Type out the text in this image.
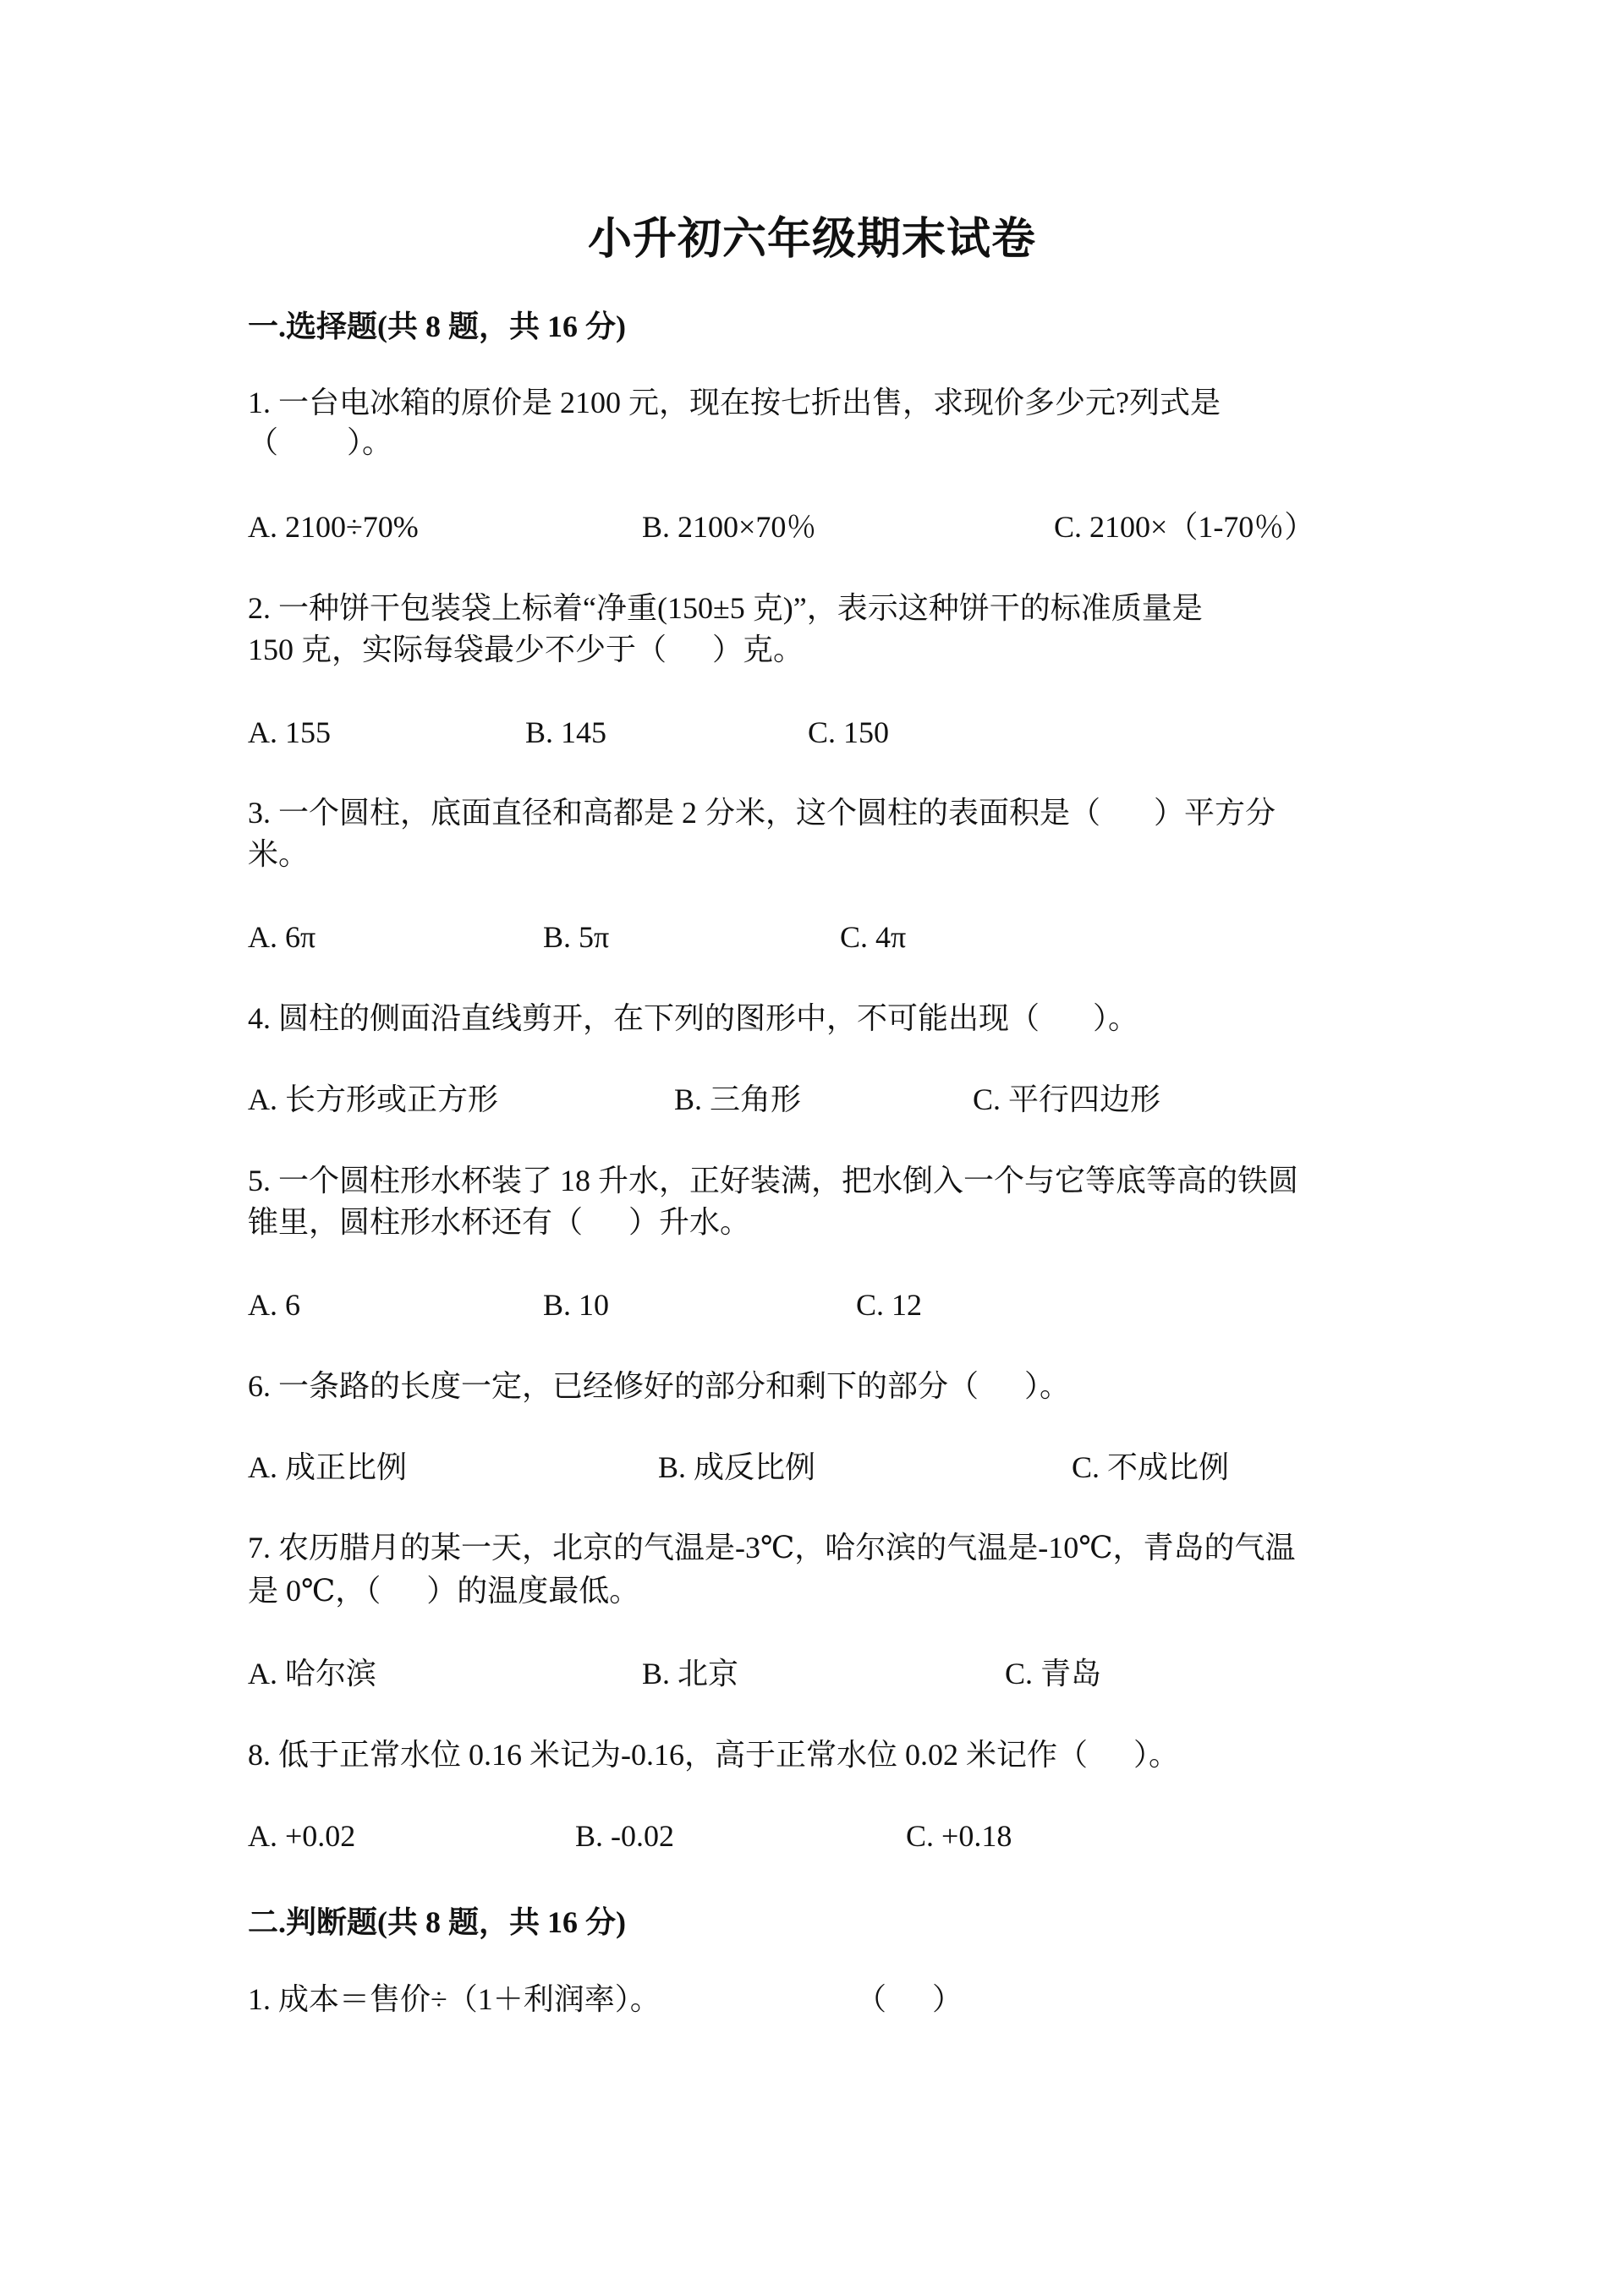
小升初六年级期末试卷
一.选择题(共 8 题，共 16 分)
1. 一台电冰箱的原价是 2100 元，现在按七折出售，求现价多少元?列式是
（         ）。
A. 2100÷70%	B. 2100×70％	C. 2100×（1-70％）
2. 一种饼干包装袋上标着“净重(150±5 克)”，表示这种饼干的标准质量是
150 克，实际每袋最少不少于（      ）克。
A. 155	B. 145	C. 150
3. 一个圆柱，底面直径和高都是 2 分米，这个圆柱的表面积是（       ）平方分
米。
A. 6π	B. 5π	C. 4π
4. 圆柱的侧面沿直线剪开，在下列的图形中，不可能出现（       ）。
A. 长方形或正方形	B. 三角形	C. 平行四边形
5. 一个圆柱形水杯装了 18 升水，正好装满，把水倒入一个与它等底等高的铁圆
锥里，圆柱形水杯还有（      ）升水。
A. 6	B. 10	C. 12
6. 一条路的长度一定，已经修好的部分和剩下的部分（      ）。
A. 成正比例	B. 成反比例	C. 不成比例
7. 农历腊月的某一天，北京的气温是-3℃，哈尔滨的气温是-10℃，青岛的气温
是 0℃，（      ）的温度最低。
A. 哈尔滨	B. 北京	C. 青岛
8. 低于正常水位 0.16 米记为-0.16，高于正常水位 0.02 米记作（      ）。
A. +0.02	B. -0.02	C. +0.18
二.判断题(共 8 题，共 16 分)
1. 成本＝售价÷（1＋利润率）。	（      ）
